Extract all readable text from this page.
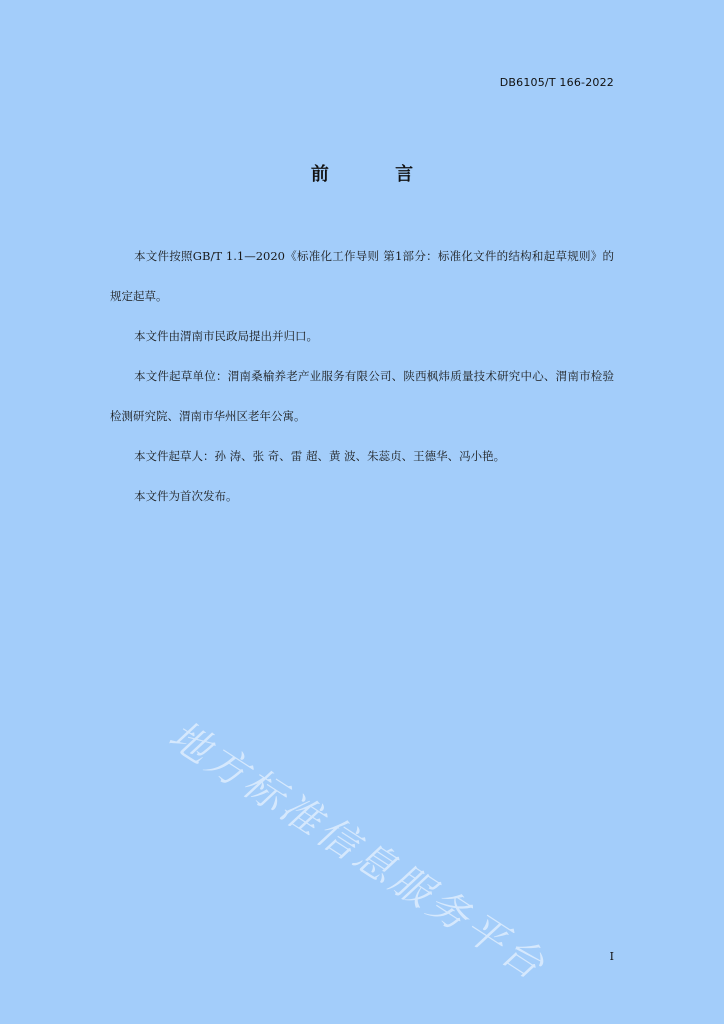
DB6105/T 166-2022
前 言

本文件按照GB/T 1.1—2020《标准化工作导则 第1部分：标准化文件的结构和起草规则》的规定起草。

本文件由渭南市民政局提出并归口。

本文件起草单位：渭南桑榆养老产业服务有限公司、陕西枫炜质量技术研究中心、渭南市检验检测研究院、渭南市华州区老年公寓。

本文件起草人：孙 涛、张 奇、雷 超、黄 波、朱蕊贞、王德华、冯小艳。

本文件为首次发布。

地方标准信息服务平台	I
